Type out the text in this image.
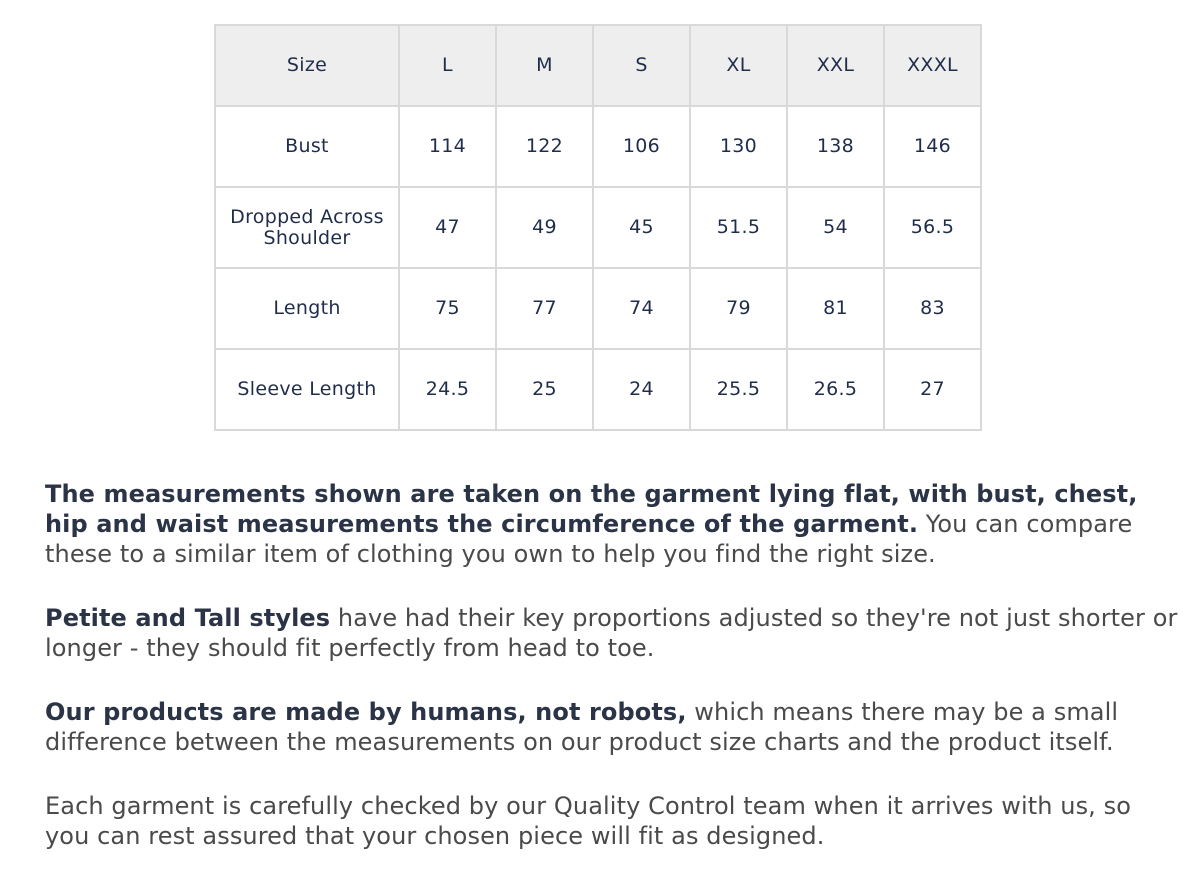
Size	L	M	S	XL	XXL	XXXL
Bust	114	122	106	130	138	146
Dropped Across Shoulder	47	49	45	51.5	54	56.5
Length	75	77	74	79	81	83
Sleeve Length	24.5	25	24	25.5	26.5	27

The measurements shown are taken on the garment lying flat, with bust, chest, hip and waist measurements the circumference of the garment. You can compare these to a similar item of clothing you own to help you find the right size.

Petite and Tall styles have had their key proportions adjusted so they're not just shorter or longer - they should fit perfectly from head to toe.

Our products are made by humans, not robots, which means there may be a small difference between the measurements on our product size charts and the product itself.

Each garment is carefully checked by our Quality Control team when it arrives with us, so you can rest assured that your chosen piece will fit as designed.
